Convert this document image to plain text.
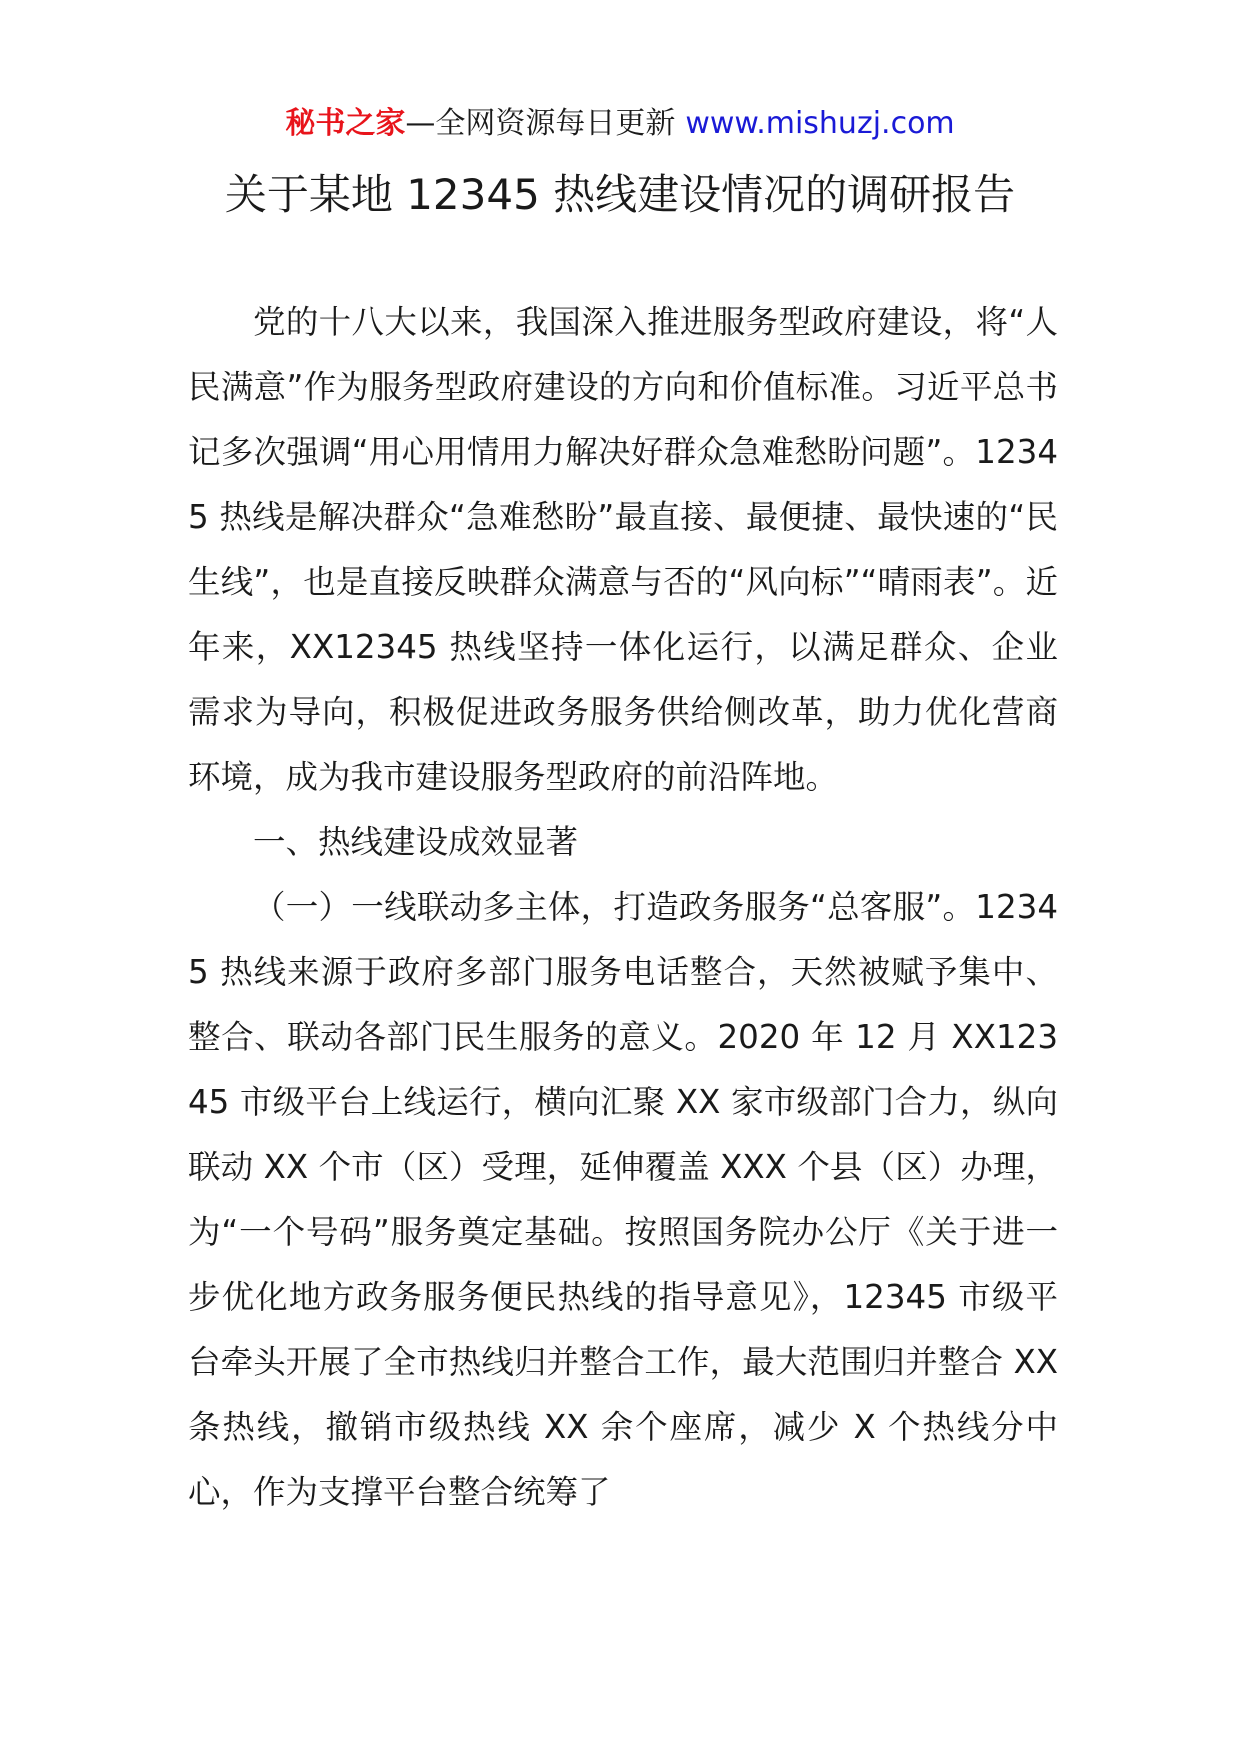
秘书之家—全网资源每日更新 www.mishuzj.com
关于某地 12345 热线建设情况的调研报告

党的十八大以来，我国深入推进服务型政府建设，将“人民满意”作为服务型政府建设的方向和价值标准。习近平总书记多次强调“用心用情用力解决好群众急难愁盼问题”。12345 热线是解决群众“急难愁盼”最直接、最便捷、最快速的“民生线”，也是直接反映群众满意与否的“风向标”“晴雨表”。近年来，XX12345 热线坚持一体化运行，以满足群众、企业需求为导向，积极促进政务服务供给侧改革，助力优化营商环境，成为我市建设服务型政府的前沿阵地。

一、热线建设成效显著

（一）一线联动多主体，打造政务服务“总客服”。12345 热线来源于政府多部门服务电话整合，天然被赋予集中、整合、联动各部门民生服务的意义。2020 年 12 月 XX12345 市级平台上线运行，横向汇聚 XX 家市级部门合力，纵向联动 XX 个市（区）受理，延伸覆盖 XXX 个县（区）办理，为“一个号码”服务奠定基础。按照国务院办公厅《关于进一步优化地方政务服务便民热线的指导意见》，12345 市级平台牵头开展了全市热线归并整合工作，最大范围归并整合 XX 条热线，撤销市级热线 XX 余个座席，减少 X 个热线分中心，作为支撑平台整合统筹了
